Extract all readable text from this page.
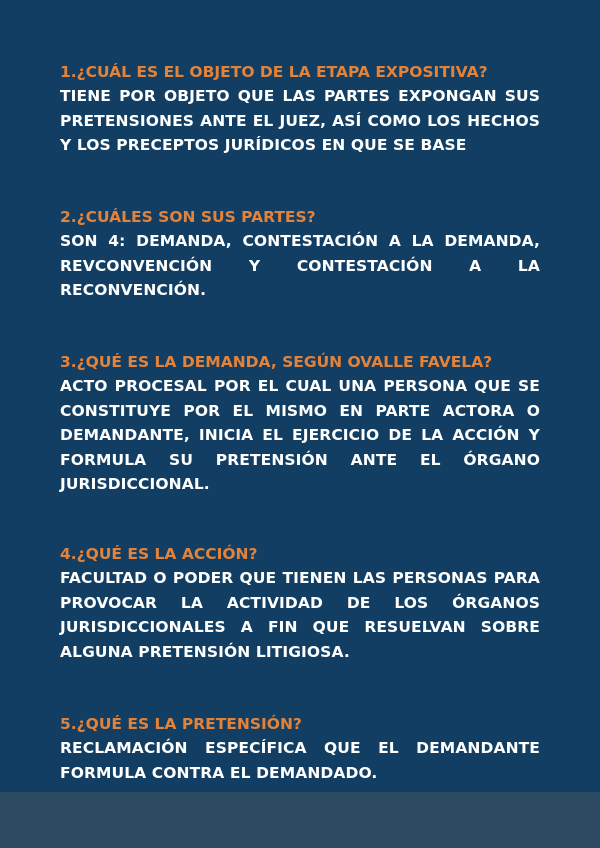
1.¿CUÁL ES EL OBJETO DE LA ETAPA EXPOSITIVA?

TIENE POR OBJETO QUE LAS PARTES EXPONGAN SUS PRETENSIONES ANTE EL JUEZ, ASÍ COMO LOS HECHOS Y LOS PRECEPTOS JURÍDICOS EN QUE SE BASE

2.¿CUÁLES SON SUS PARTES?

SON 4: DEMANDA, CONTESTACIÓN A LA DEMANDA, REVCONVENCIÓN Y CONTESTACIÓN A LA RECONVENCIÓN.

3.¿QUÉ ES LA DEMANDA, SEGÚN OVALLE FAVELA?

ACTO PROCESAL POR EL CUAL UNA PERSONA QUE SE CONSTITUYE POR EL MISMO EN PARTE ACTORA O DEMANDANTE, INICIA EL EJERCICIO DE LA ACCIÓN Y FORMULA SU PRETENSIÓN ANTE EL ÓRGANO JURISDICCIONAL.

4.¿QUÉ ES LA ACCIÓN?

FACULTAD O PODER QUE TIENEN LAS PERSONAS PARA PROVOCAR LA ACTIVIDAD DE LOS ÓRGANOS JURISDICCIONALES A FIN QUE RESUELVAN SOBRE ALGUNA PRETENSIÓN LITIGIOSA.

5.¿QUÉ ES LA PRETENSIÓN?

RECLAMACIÓN ESPECÍFICA QUE EL DEMANDANTE FORMULA CONTRA EL DEMANDADO.
